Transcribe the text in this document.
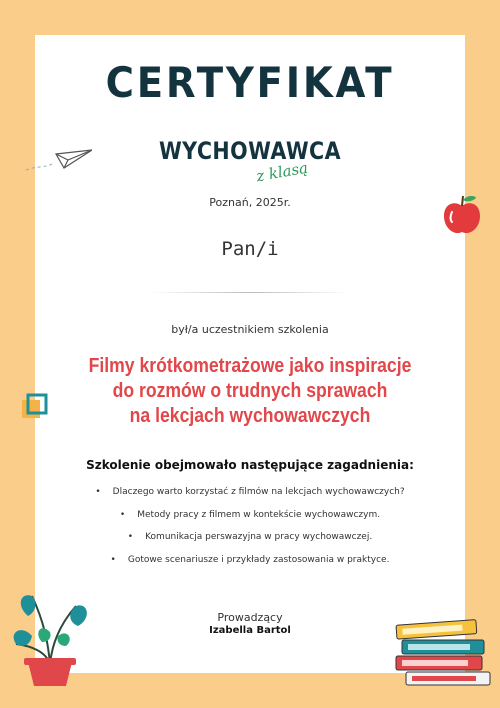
CERTYFIKAT
WYCHOWAWCA
z klasą
Poznań, 2025r.
Pan/i
był/a uczestnikiem szkolenia
Filmy krótkometrażowe jako inspiracje
do rozmów o trudnych sprawach
na lekcjach wychowawczych
Szkolenie obejmowało następujące zagadnienia:
• Dlaczego warto korzystać z filmów na lekcjach wychowawczych?
• Metody pracy z filmem w kontekście wychowawczym.
• Komunikacja perswazyjna w pracy wychowawczej.
• Gotowe scenariusze i przykłady zastosowania w praktyce.
Prowadzący
Izabella Bartol
